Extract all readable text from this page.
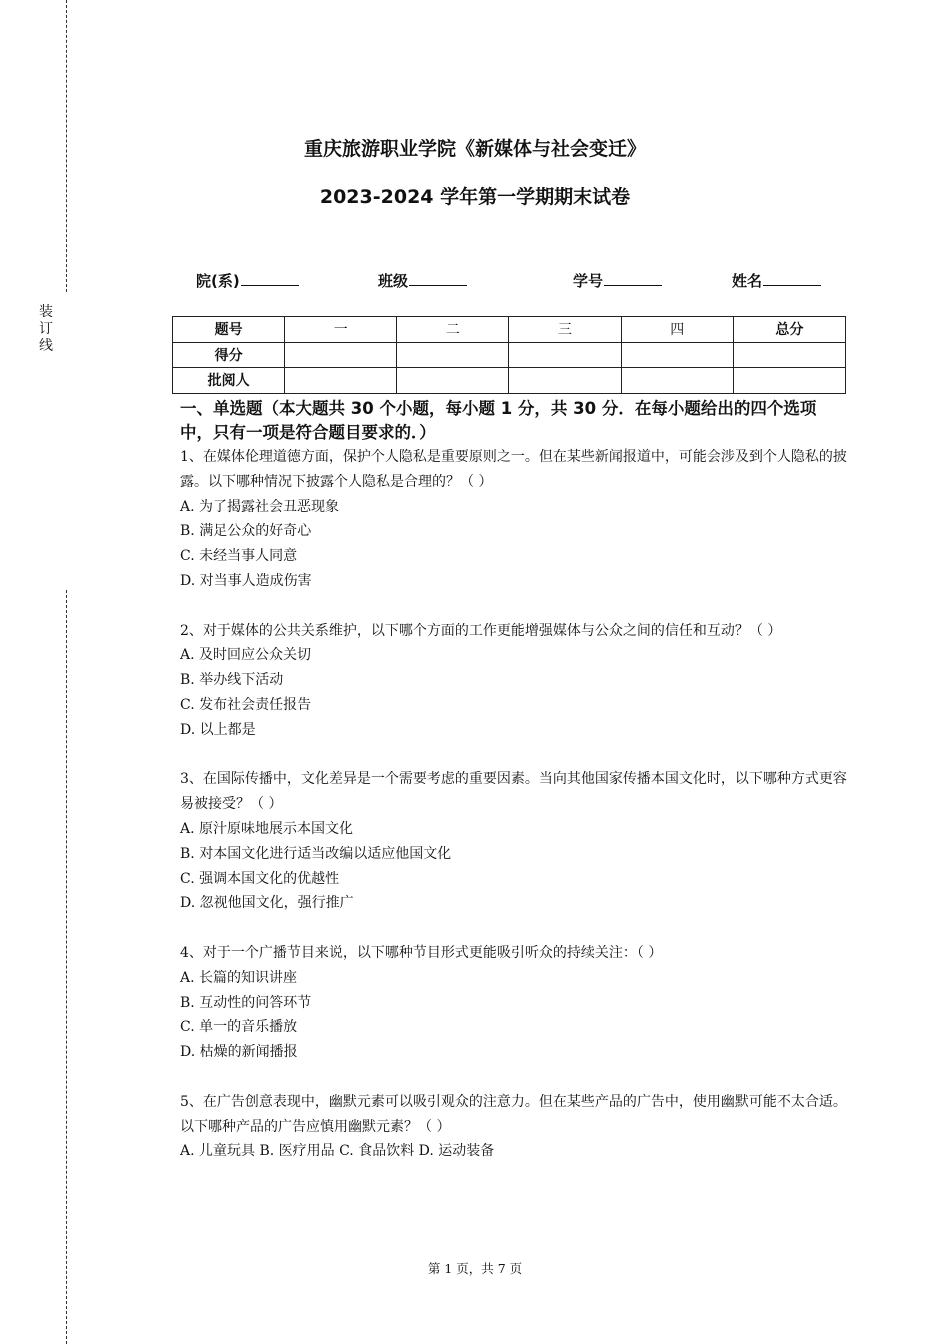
装
订
线
重庆旅游职业学院《新媒体与社会变迁》
2023-2024 学年第一学期期末试卷
院(系)	班级	学号	姓名
题号	一	二	三	四	总分
得分					
批阅人					
一、单选题（本大题共 30 个小题，每小题 1 分，共 30 分．在每小题给出的四个选项中，只有一项是符合题目要求的．）

1、在媒体伦理道德方面，保护个人隐私是重要原则之一。但在某些新闻报道中，可能会涉及到个人隐私的披露。以下哪种情况下披露个人隐私是合理的？（ ）

A. 为了揭露社会丑恶现象

B. 满足公众的好奇心

C. 未经当事人同意

D. 对当事人造成伤害

2、对于媒体的公共关系维护，以下哪个方面的工作更能增强媒体与公众之间的信任和互动？（ ）

A. 及时回应公众关切

B. 举办线下活动

C. 发布社会责任报告

D. 以上都是

3、在国际传播中，文化差异是一个需要考虑的重要因素。当向其他国家传播本国文化时，以下哪种方式更容易被接受？（ ）

A. 原汁原味地展示本国文化

B. 对本国文化进行适当改编以适应他国文化

C. 强调本国文化的优越性

D. 忽视他国文化，强行推广

4、对于一个广播节目来说，以下哪种节目形式更能吸引听众的持续关注：（ ）

A. 长篇的知识讲座

B. 互动性的问答环节

C. 单一的音乐播放

D. 枯燥的新闻播报

5、在广告创意表现中，幽默元素可以吸引观众的注意力。但在某些产品的广告中，使用幽默可能不太合适。以下哪种产品的广告应慎用幽默元素？（ ）

A. 儿童玩具 B. 医疗用品 C. 食品饮料 D. 运动装备

第 1 页，共 7 页
